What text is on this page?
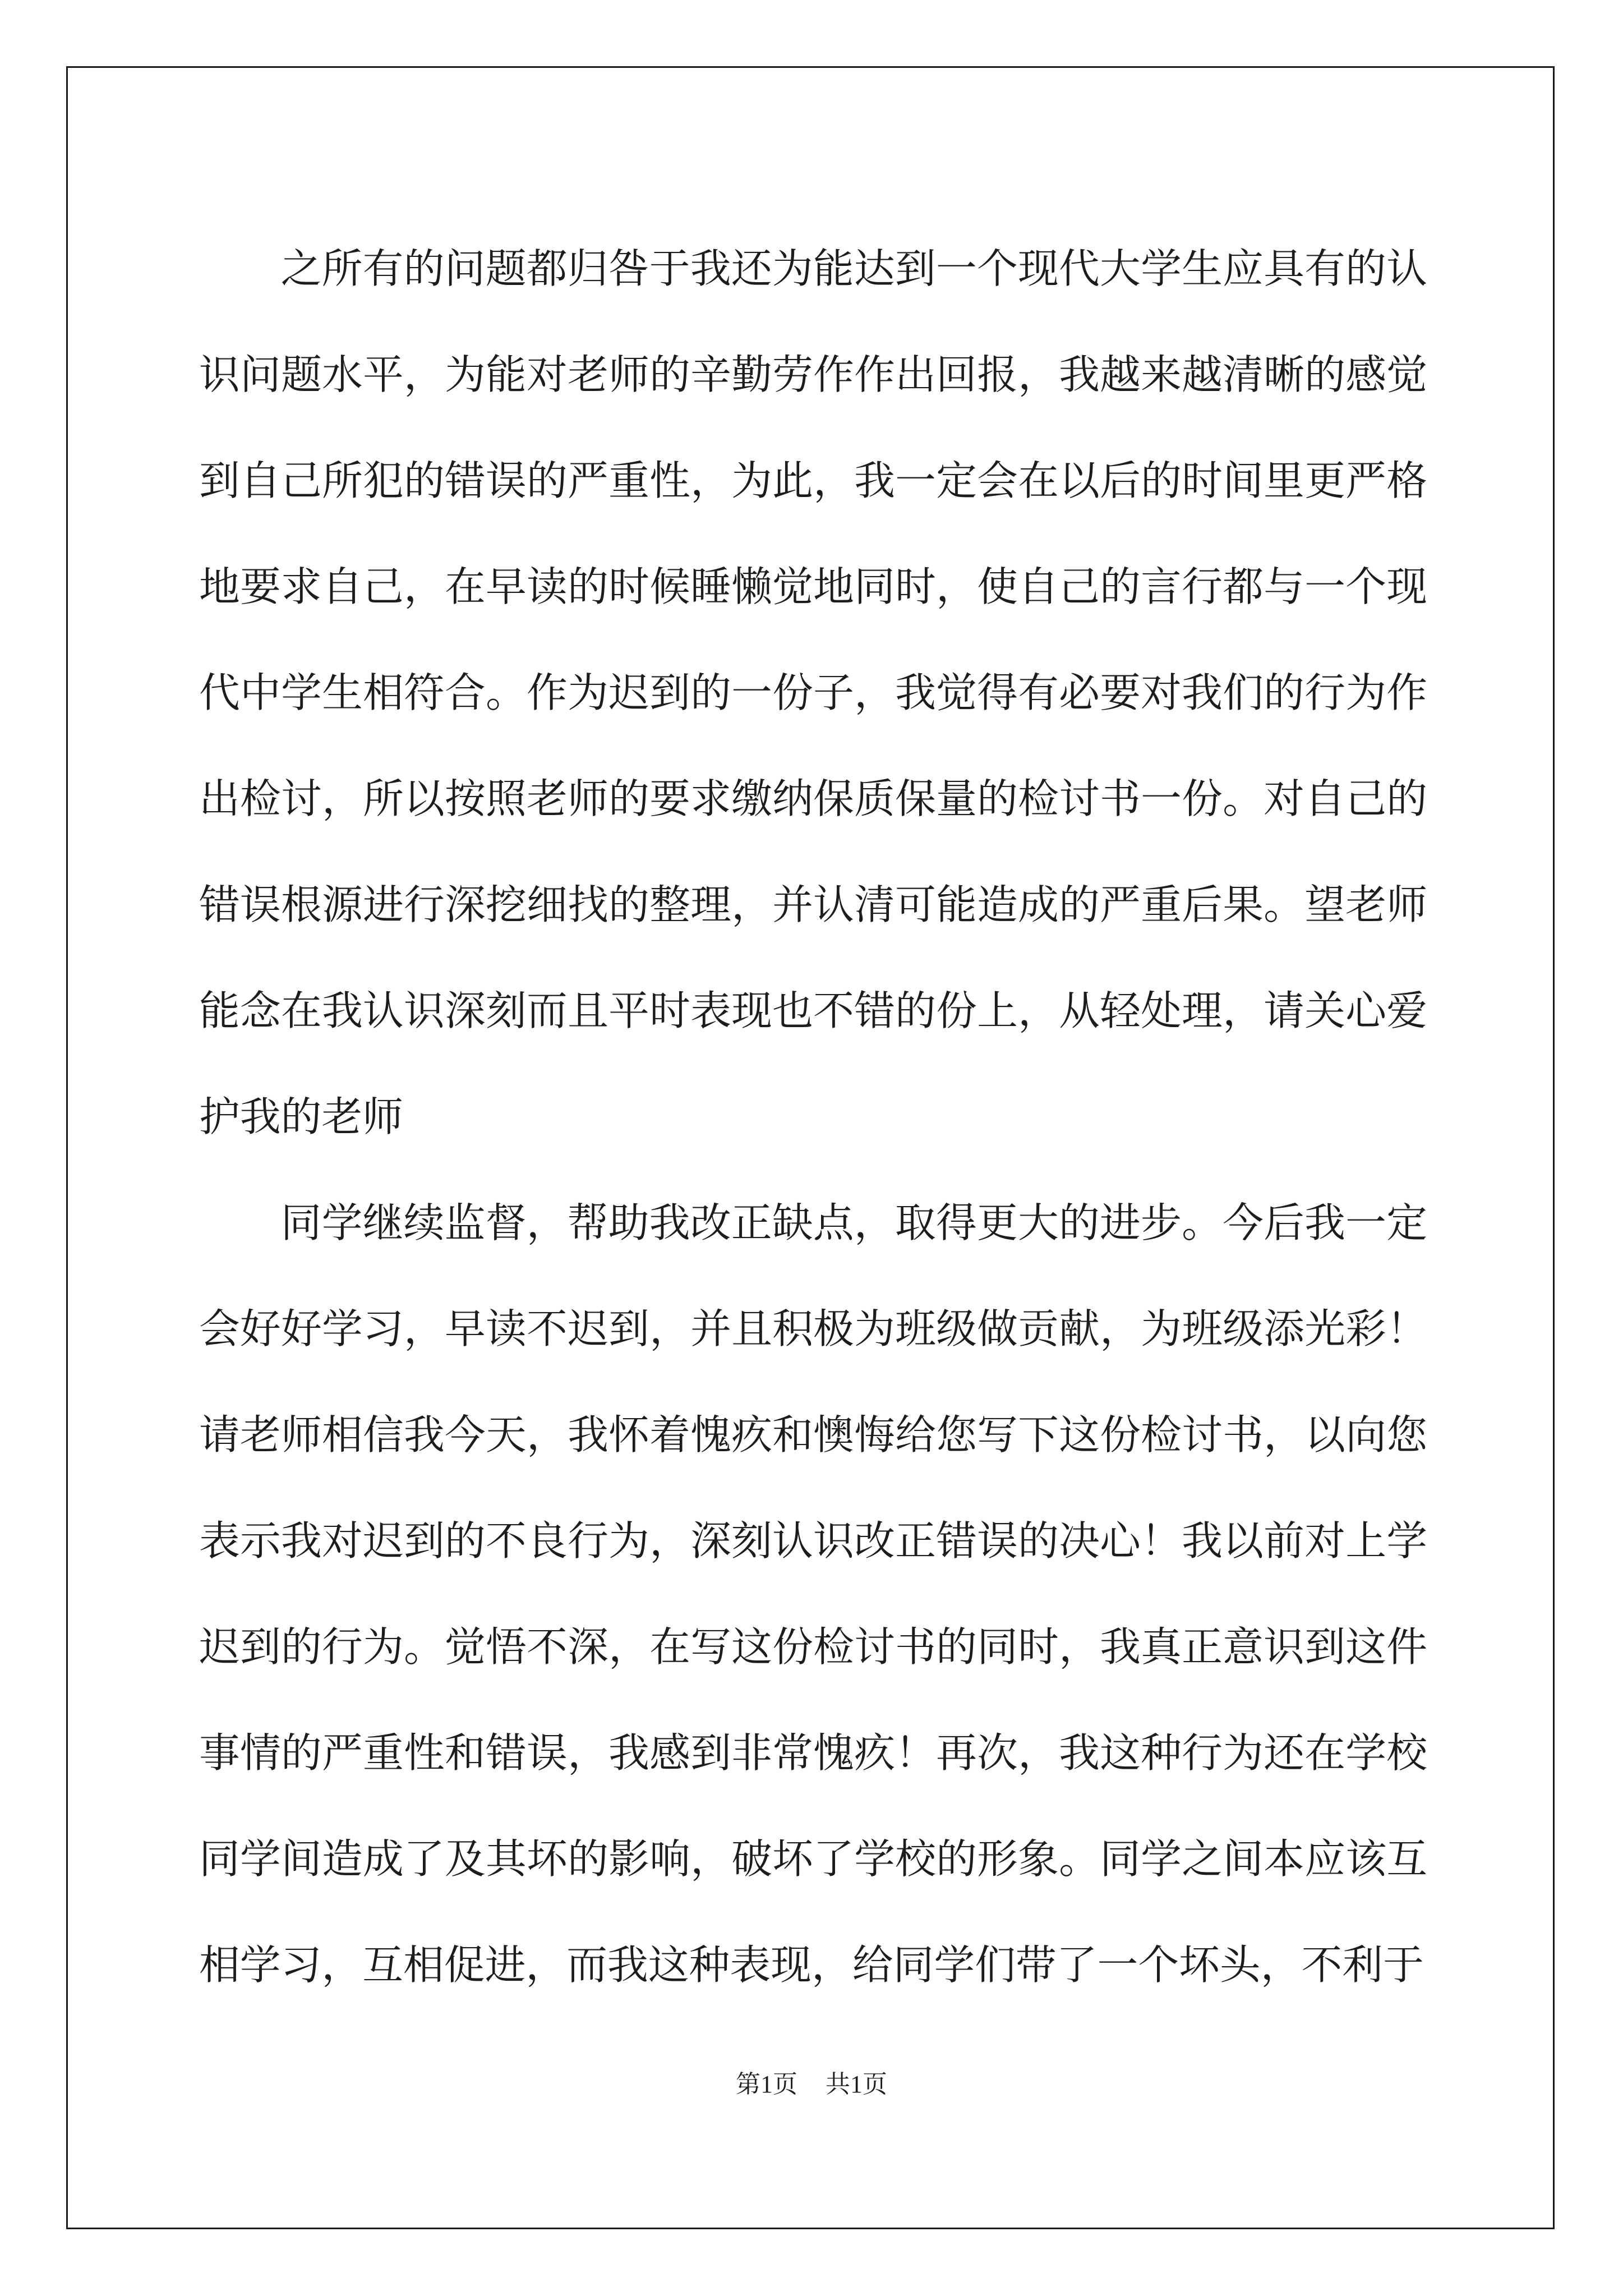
之所有的问题都归咎于我还为能达到一个现代大学生应具有的认识问题水平，为能对老师的辛勤劳作作出回报，我越来越清晰的感觉到自己所犯的错误的严重性，为此，我一定会在以后的时间里更严格地要求自己，在早读的时候睡懒觉地同时，使自己的言行都与一个现代中学生相符合。作为迟到的一份子，我觉得有必要对我们的行为作出检讨，所以按照老师的要求缴纳保质保量的检讨书一份。对自己的错误根源进行深挖细找的整理，并认清可能造成的严重后果。望老师能念在我认识深刻而且平时表现也不错的份上，从轻处理，请关心爱护我的老师

同学继续监督，帮助我改正缺点，取得更大的进步。今后我一定会好好学习，早读不迟到，并且积极为班级做贡献，为班级添光彩！请老师相信我今天，我怀着愧疚和懊悔给您写下这份检讨书，以向您表示我对迟到的不良行为，深刻认识改正错误的决心！我以前对上学迟到的行为。觉悟不深，在写这份检讨书的同时，我真正意识到这件事情的严重性和错误，我感到非常愧疚！再次，我这种行为还在学校同学间造成了及其坏的影响，破坏了学校的形象。同学之间本应该互相学习，互相促进，而我这种表现，给同学们带了一个坏头，不利于

第1页 共1页
